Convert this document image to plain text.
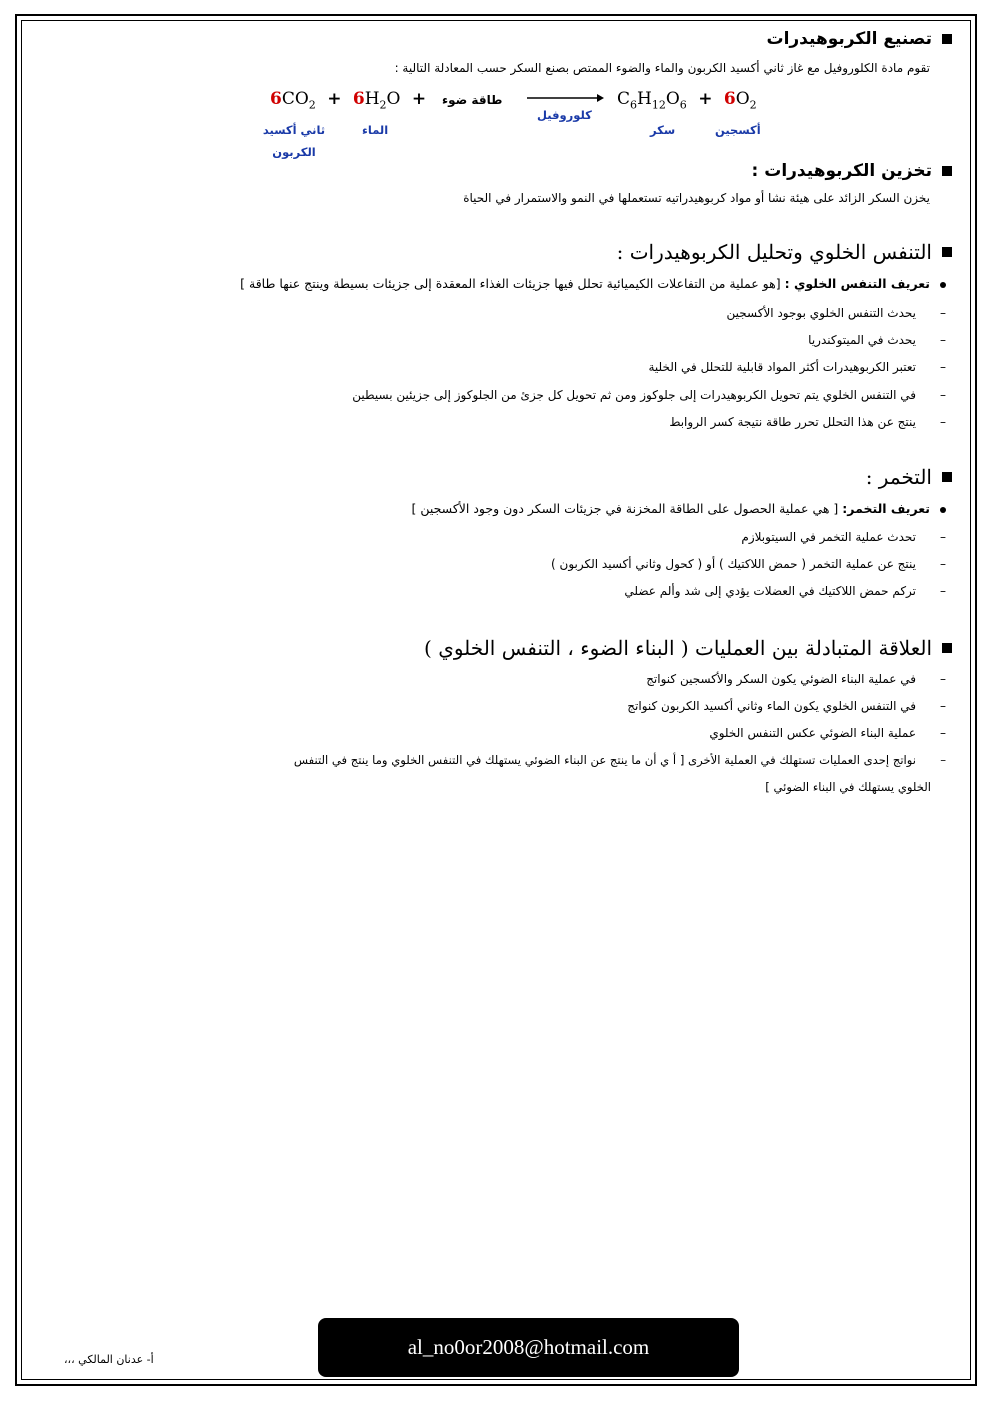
تصنيع الكربوهيدرات
تقوم مادة الكلوروفيل مع غاز ثاني أكسيد الكربون والماء والضوء الممتص بصنع السكر حسب المعادلة التالية :
$6CO_2 + 6H_2O$ +	طاقة ضوء
كلوروفيل
$C_6H_{12}O_6 + 6O_2$
ثاني أكسيد
الكربون
الماء	سكر	أكسجين
تخزين الكربوهيدرات :
يخزن السكر الزائد على هيئة نشا أو مواد كربوهيدراتيه تستعملها في النمو والاستمرار في الحياة
التنفس الخلوي وتحليل الكربوهيدرات :
تعريف التنفس الخلوي : [هو عملية من التفاعلات الكيميائية تحلل فيها جزيئات الغذاء المعقدة إلى جزيئات بسيطة وينتج عنها طاقة ]
–يحدث التنفس الخلوي بوجود الأكسجين
–يحدث في الميتوكندريا
–تعتبر الكربوهيدرات أكثر المواد قابلية للتحلل في الخلية
–في التنفس الخلوي يتم تحويل الكربوهيدرات إلى جلوكوز ومن ثم تحويل كل جزئ من الجلوكوز إلى جزيئين بسيطين
–ينتج عن هذا التحلل تحرر طاقة نتيجة كسر الروابط
التخمر :
تعريف التخمر: [ هي عملية الحصول على الطاقة المخزنة في جزيئات السكر دون وجود الأكسجين ]
–تحدث عملية التخمر في السيتوبلازم
–ينتج عن عملية التخمر ( حمض اللاكتيك ) أو ( كحول وثاني أكسيد الكربون )
–تركم حمض اللاكتيك في العضلات يؤدي إلى شد وألم عضلي
العلاقة المتبادلة بين العمليات ( البناء الضوء ، التنفس الخلوي )
–في عملية البناء الضوئي يكون السكر والأكسجين كنواتج
–في التنفس الخلوي يكون الماء وثاني أكسيد الكربون كنواتج
–عملية البناء الضوئي عكس التنفس الخلوي
–نواتج إحدى العمليات تستهلك في العملية الأخرى [ أ ي أن ما ينتج عن البناء الضوئي يستهلك في التنفس الخلوي وما ينتج في التنفس
الخلوي يستهلك في البناء الضوئي ]
al_no0or2008@hotmail.com
أ- عدنان المالكي ،،،
